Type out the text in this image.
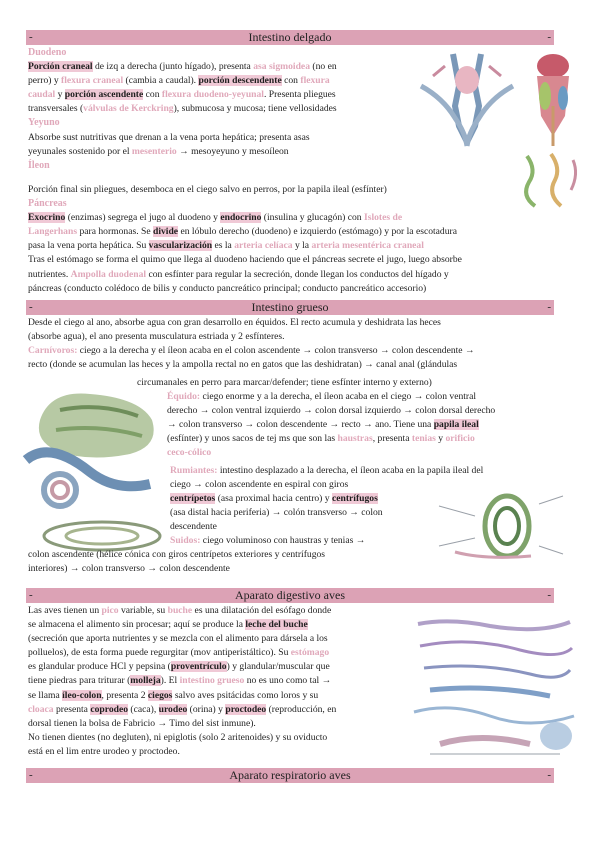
-	Intestino delgado	-
Duodeno
Porción craneal de izq a derecha (junto hígado), presenta asa sigmoidea (no en
perro) y flexura craneal (cambia a caudal). porción descendente con flexura
caudal y porción ascendente con flexura duodeno-yeyunal. Presenta pliegues
transversales (válvulas de Kerckring), submucosa y mucosa; tiene vellosidades
Yeyuno
Absorbe sust nutritivas que drenan a la vena porta hepática; presenta asas
yeyunales sostenido por el mesenterio → mesoyeyuno y mesoíleon
Íleon
Porción final sin pliegues, desemboca en el ciego salvo en perros, por la papila ileal (esfínter)
Páncreas
Exocrino (enzimas) segrega el jugo al duodeno y endocrino (insulina y glucagón) con Islotes de
Langerhans para hormonas. Se divide en lóbulo derecho (duodeno) e izquierdo (estómago) y por la escotadura
pasa la vena porta hepática. Su vascularización es la arteria celíaca y la arteria mesentérica craneal
Tras el estómago se forma el quimo que llega al duodeno haciendo que el páncreas secrete el jugo, luego absorbe
nutrientes. Ampolla duodenal con esfínter para regular la secreción, donde llegan los conductos del hígado y
páncreas (conducto colédoco de bilis y conducto pancreático principal; conducto pancreático accesorio)
-	Intestino grueso	-
Desde el ciego al ano, absorbe agua con gran desarrollo en équidos. El recto acumula y deshidrata las heces
(absorbe agua), el ano presenta musculatura estriada y 2 esfínteres.
Carnívoros: ciego a la derecha y el íleon acaba en el colon ascendente → colon transverso → colon descendente →
recto (donde se acumulan las heces y la ampolla rectal no en gatos que las deshidratan) → canal anal (glándulas
circumanales en perro para marcar/defender; tiene esfínter interno y externo)
Équido: ciego enorme y a la derecha, el íleon acaba en el ciego → colon ventral
derecho → colon ventral izquierdo → colon dorsal izquierdo → colon dorsal derecho
→ colon transverso → colon descendente → recto → ano. Tiene una papila ileal
(esfínter) y unos sacos de tej ms que son las haustras, presenta tenias y orificio
ceco-cólico
Rumiantes: intestino desplazado a la derecha, el íleon acaba en la papila ileal del
ciego → colon ascendente en espiral con giros
centrípetos (asa proximal hacia centro) y centrífugos
(asa distal hacia periferia) → colón transverso → colon
descendente
Suidos: ciego voluminoso con haustras y tenias →
colon ascendente (hélice cónica con giros centrípetos exteriores y centrífugos
interiores) → colon transverso → colon descendente
-	Aparato digestivo aves	-
Las aves tienen un pico variable, su buche es una dilatación del esófago donde
se almacena el alimento sin procesar; aquí se produce la leche del buche
(secreción que aporta nutrientes y se mezcla con el alimento para dársela a los
polluelos), de esta forma puede regurgitar (mov antiperistáltico). Su estómago
es glandular produce HCl y pepsina (proventrículo) y glandular/muscular que
tiene piedras para triturar (molleja). El intestino grueso no es uno como tal →
se llama íleo-colon, presenta 2 ciegos salvo aves psitácidas como loros y su
cloaca presenta coprodeo (caca), urodeo (orina) y proctodeo (reproducción, en
dorsal tienen la bolsa de Fabricio → Timo del sist inmune).
No tienen dientes (no degluten), ni epiglotis (solo 2 aritenoides) y su oviducto
está en el lim entre urodeo y proctodeo.
-	Aparato respiratorio aves	-
